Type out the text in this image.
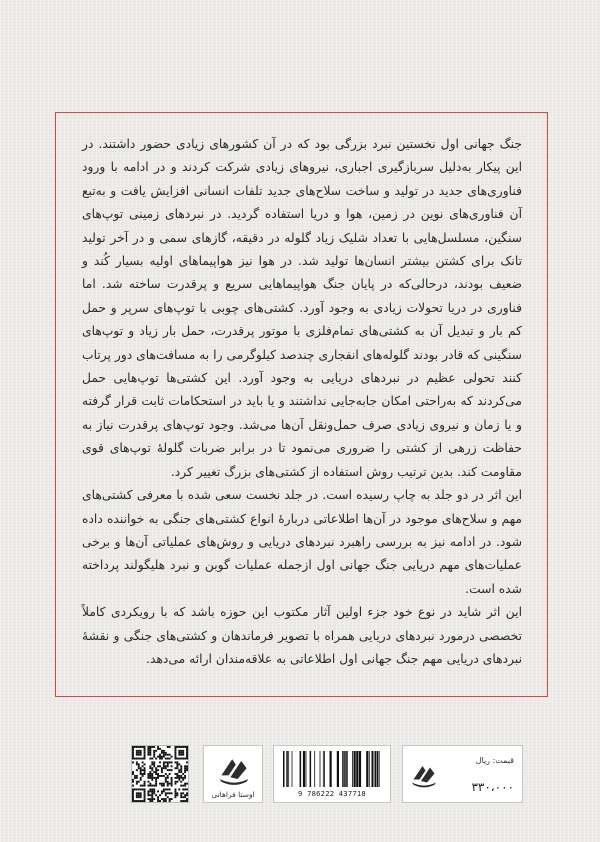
جنگ جهانی اول نخستین نبرد بزرگی بود که در آن کشورهای زیادی حضور داشتند. در این پیکار به‌دلیل سربازگیری اجباری، نیروهای زیادی شرکت کردند و در ادامه با ورود فناوری‌های جدید در تولید و ساخت سلاح‌های جدید تلفات انسانی افزایش یافت و به‌تبع آن فناوری‌های نوین در زمین، هوا و دریا استفاده گردید. در نبردهای زمینی توپ‌های سنگین، مسلسل‌هایی با تعداد شلیک زیاد گلوله در دقیقه، گازهای سمی و در آخر تولید تانک برای کشتن بیشتر انسان‌ها تولید شد. در هوا نیز هواپیماهای اولیه بسیار کُند و ضعیف بودند، درحالی‌که در پایان جنگ هواپیماهایی سریع و پرقدرت ساخته شد. اما فناوری در دریا تحولات زیادی به وجود آورد. کشتی‌های چوبی با توپ‌های سرپر و حمل کم بار و تبدیل آن به کشتی‌های تمام‌فلزی با موتور پرقدرت، حمل بار زیاد و توپ‌های سنگینی که قادر بودند گلوله‌های انفجاری چندصد کیلوگرمی را به مسافت‌های دور پرتاب کنند تحولی عظیم در نبردهای دریایی به وجود آورد. این کشتی‌ها توپ‌هایی حمل می‌کردند که به‌راحتی امکان جابه‌جایی نداشتند و یا باید در استحکامات ثابت قرار گرفته و یا زمان و نیروی زیادی صرف حمل‌ونقل آن‌ها می‌شد. وجود توپ‌های پرقدرت نیاز به حفاظت زرهی از کشتی را ضروری می‌نمود تا در برابر ضربات گلولهٔ توپ‌های قوی مقاومت کند. بدین ترتیب روش استفاده از کشتی‌های بزرگ تغییر کرد.

این اثر در دو جلد به چاپ رسیده است. در جلد نخست سعی شده با معرفی کشتی‌های مهم و سلاح‌های موجود در آن‌ها اطلاعاتی دربارهٔ انواع کشتی‌های جنگی به خواننده داده شود. در ادامه نیز به بررسی راهبرد نبردهای دریایی و روش‌های عملیاتی آن‌ها و برخی عملیات‌های مهم دریایی جنگ جهانی اول ازجمله عملیات گوبن و نبرد هلیگولند پرداخته شده است.

این اثر شاید در نوع خود جزء اولین آثار مکتوب این حوزه باشد که با رویکردی کاملاً تخصصی درمورد نبردهای دریایی همراه با تصویر فرماندهان و کشتی‌های جنگی و نقشهٔ نبردهای دریایی مهم جنگ جهانی اول اطلاعاتی به علاقه‌مندان ارائه می‌دهد.

اوستا فراهانی	9 786222 437718
قیمت: ریال
۳۳۰،۰۰۰
